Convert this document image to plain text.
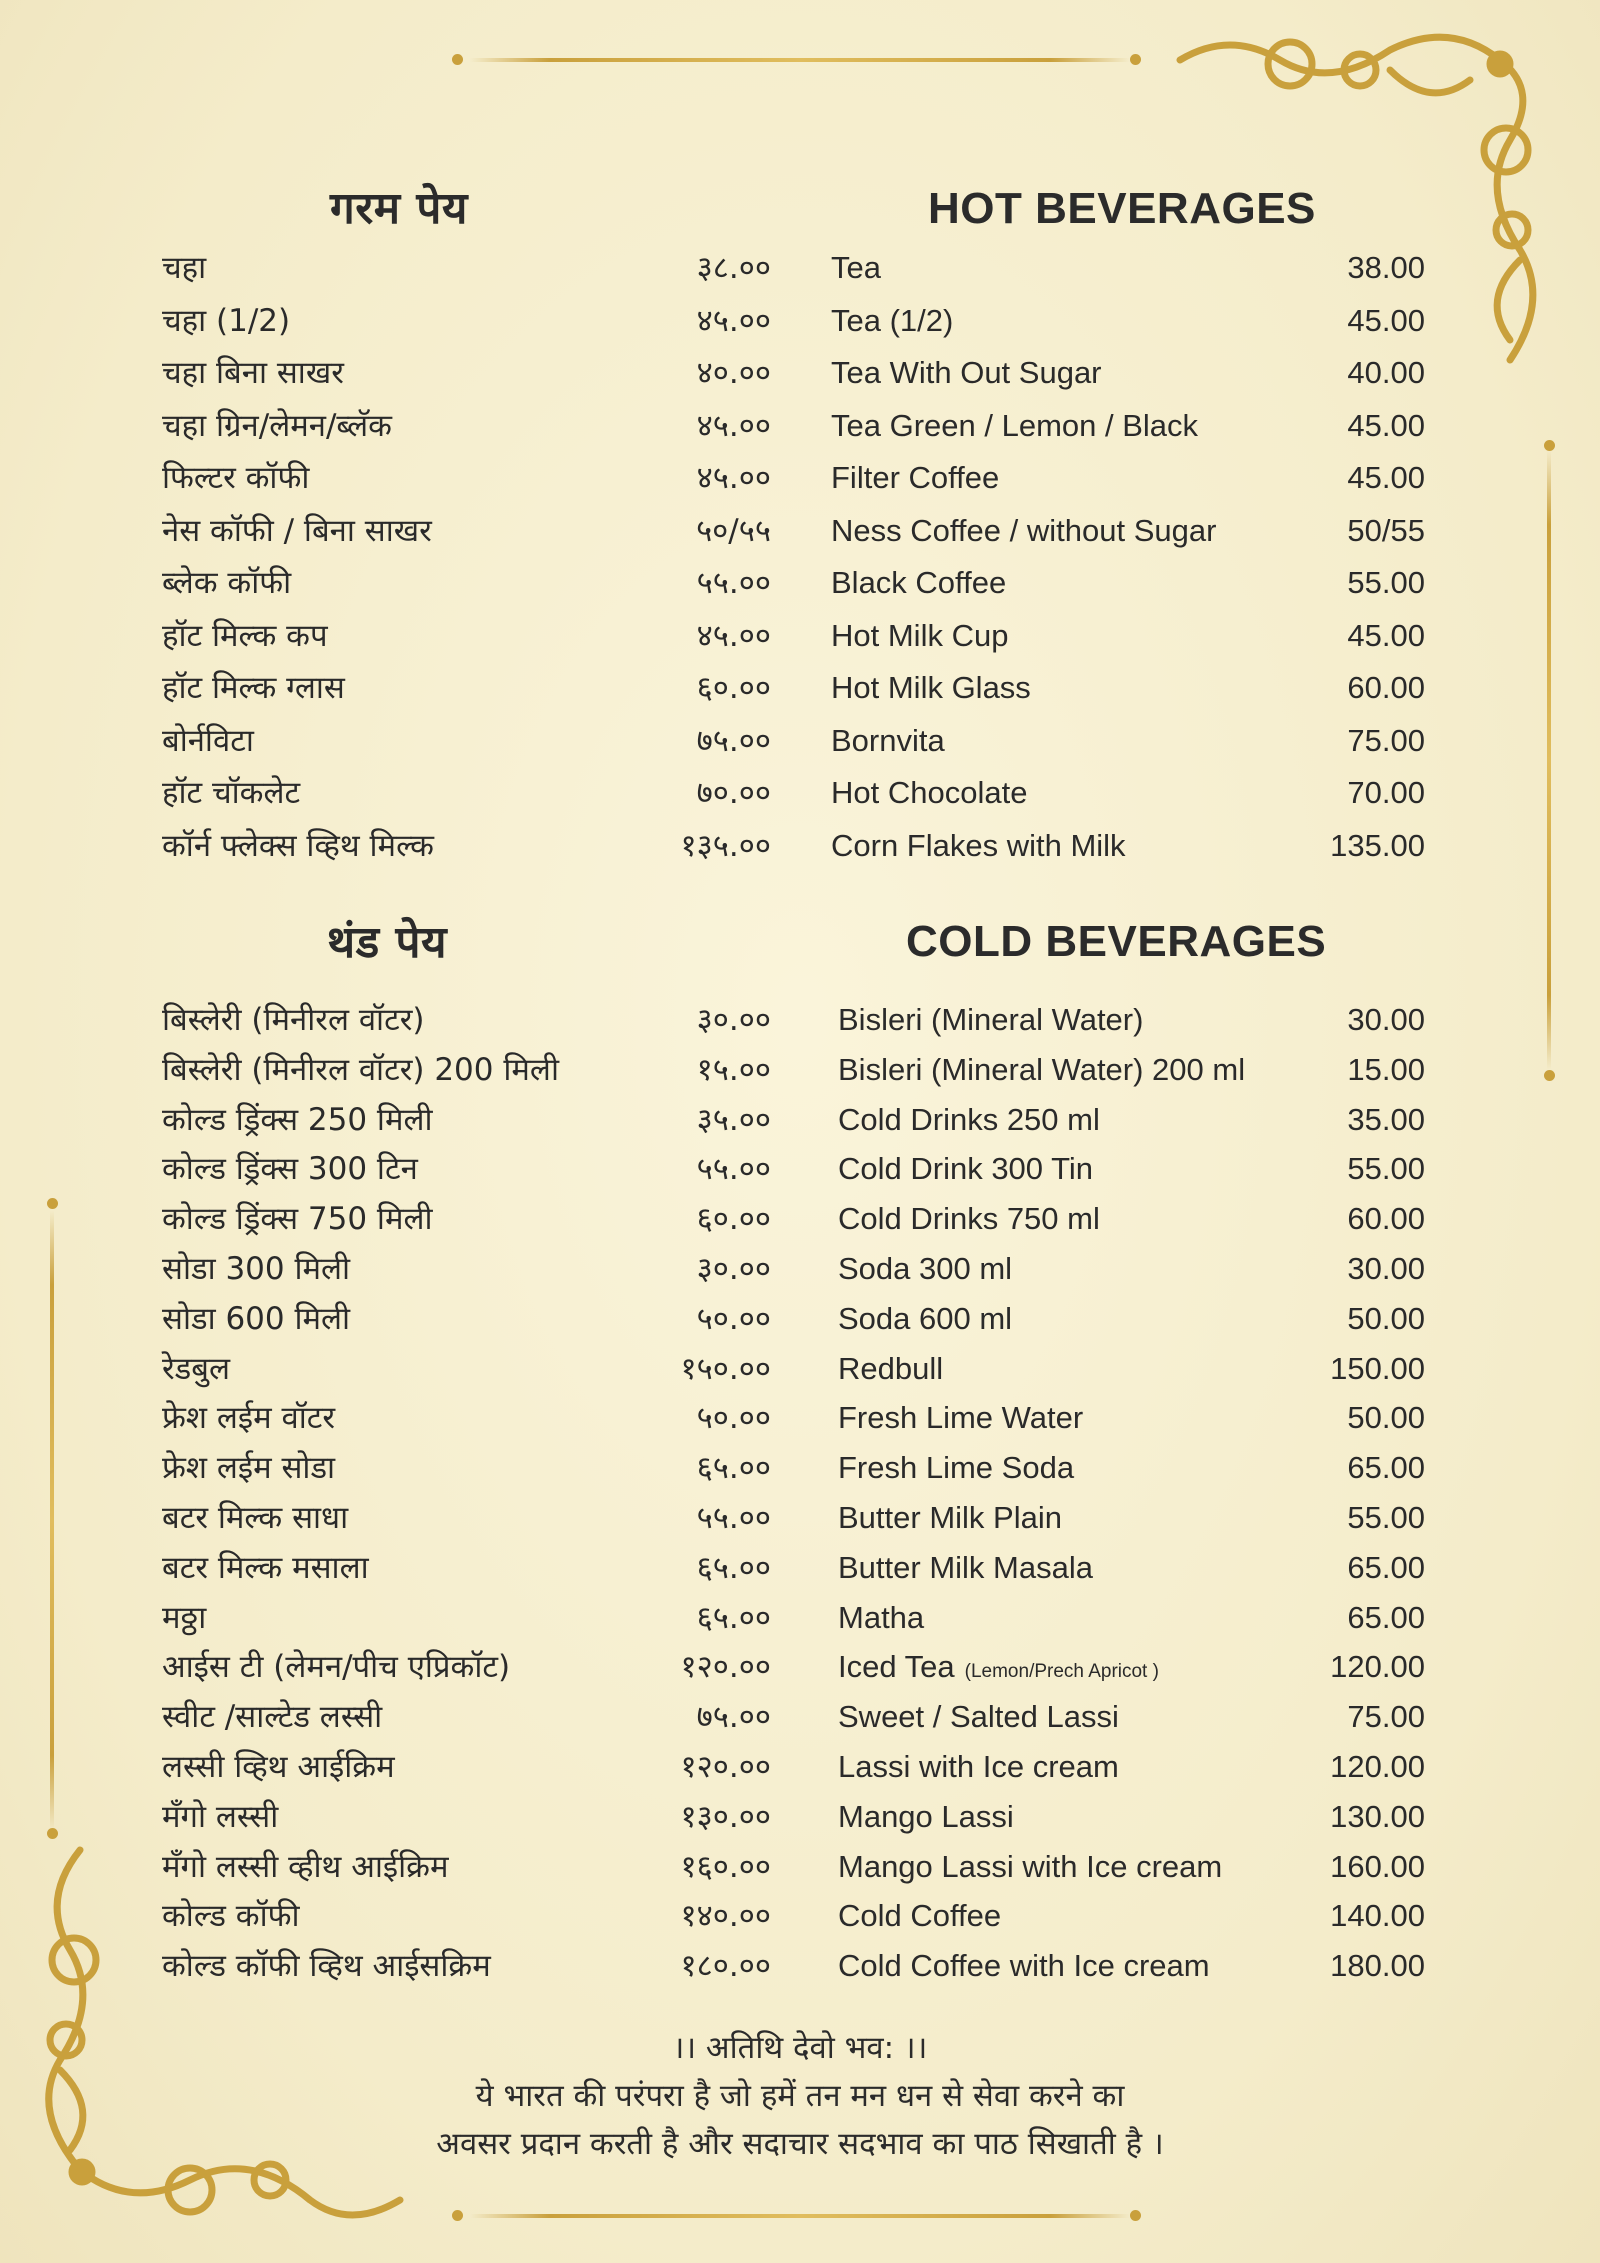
गरम पेय	HOT BEVERAGES
चहा	३८.०० Tea	38.00
चहा (1/2)	४५.०० Tea (1/2)	45.00
चहा बिना साखर	४०.०० Tea With Out Sugar	40.00
चहा ग्रिन/लेमन/ब्लॅक	४५.०० Tea Green / Lemon / Black	45.00
फिल्टर कॉफी	४५.०० Filter Coffee	45.00
नेस कॉफी / बिना साखर	५०/५५ Ness Coffee / without Sugar	50/55
ब्लेक कॉफी	५५.०० Black Coffee	55.00
हॉट मिल्क कप	४५.०० Hot Milk Cup	45.00
हॉट मिल्क ग्लास	६०.०० Hot Milk Glass	60.00
बोर्नविटा	७५.०० Bornvita	75.00
हॉट चॉकलेट	७०.०० Hot Chocolate	70.00
कॉर्न फ्लेक्स व्हिथ मिल्क	१३५.०० Corn Flakes with Milk	135.00
थंड पेय	COLD BEVERAGES
बिस्लेरी (मिनीरल वॉटर)	३०.०० Bisleri (Mineral Water)	30.00
बिस्लेरी (मिनीरल वॉटर) 200 मिली	१५.०० Bisleri (Mineral Water) 200 ml	15.00
कोल्ड ड्रिंक्स 250 मिली	३५.०० Cold Drinks 250 ml	35.00
कोल्ड ड्रिंक्स 300 टिन	५५.०० Cold Drink 300 Tin	55.00
कोल्ड ड्रिंक्स 750 मिली	६०.०० Cold Drinks 750 ml	60.00
सोडा 300 मिली	३०.०० Soda 300 ml	30.00
सोडा 600 मिली	५०.०० Soda 600 ml	50.00
रेडबुल	१५०.०० Redbull	150.00
फ्रेश लईम वॉटर	५०.०० Fresh Lime Water	50.00
फ्रेश लईम सोडा	६५.०० Fresh Lime Soda	65.00
बटर मिल्क साधा	५५.०० Butter Milk Plain	55.00
बटर मिल्क मसाला	६५.०० Butter Milk Masala	65.00
मठ्ठा	६५.०० Matha	65.00
आईस टी (लेमन/पीच एप्रिकॉट)	१२०.०० Iced Tea (Lemon/Prech Apricot )	120.00
स्वीट /साल्टेड लस्सी	७५.०० Sweet / Salted Lassi	75.00
लस्सी व्हिथ आईक्रिम	१२०.०० Lassi with Ice cream	120.00
मॅंगो लस्सी	१३०.०० Mango Lassi	130.00
मॅंगो लस्सी व्हीथ आईक्रिम	१६०.०० Mango Lassi with Ice cream	160.00
कोल्ड कॉफी	१४०.०० Cold Coffee	140.00
कोल्ड कॉफी व्हिथ आईसक्रिम	१८०.०० Cold Coffee with Ice cream	180.00
।। अतिथि देवो भव: ।।
ये भारत की परंपरा है जो हमें तन मन धन से सेवा करने का
अवसर प्रदान करती है और सदाचार सदभाव का पाठ सिखाती है ।
